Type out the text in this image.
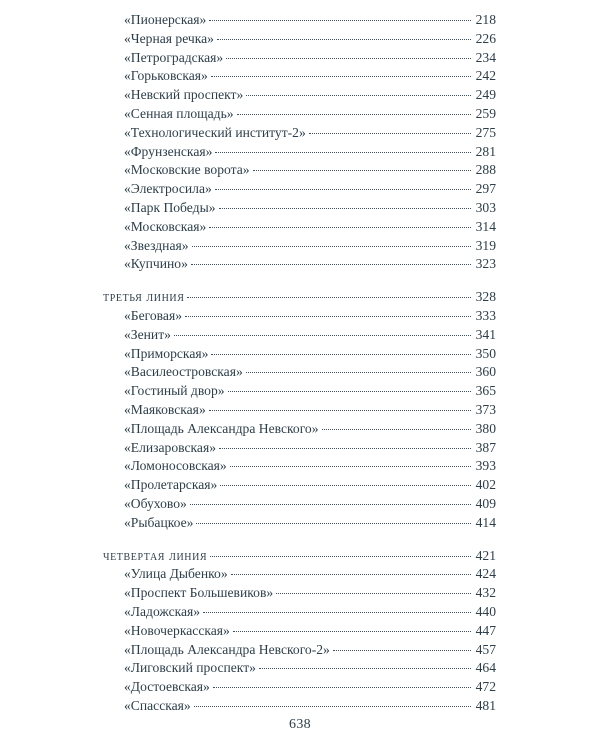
«Пионерская»	218
«Черная речка»	226
«Петроградская»	234
«Горьковская»	242
«Невский проспект»	249
«Сенная площадь»	259
«Технологический институт-2»	275
«Фрунзенская»	281
«Московские ворота»	288
«Электросила»	297
«Парк Победы»	303
«Московская»	314
«Звездная»	319
«Купчино»	323
третья линия	328
«Беговая»	333
«Зенит»	341
«Приморская»	350
«Василеостровская»	360
«Гостиный двор»	365
«Маяковская»	373
«Площадь Александра Невского»	380
«Елизаровская»	387
«Ломоносовская»	393
«Пролетарская»	402
«Обухово»	409
«Рыбацкое»	414
четвертая линия	421
«Улица Дыбенко»	424
«Проспект Большевиков»	432
«Ладожская»	440
«Новочеркасская»	447
«Площадь Александра Невского-2»	457
«Лиговский проспект»	464
«Достоевская»	472
«Спасская»	481
638
